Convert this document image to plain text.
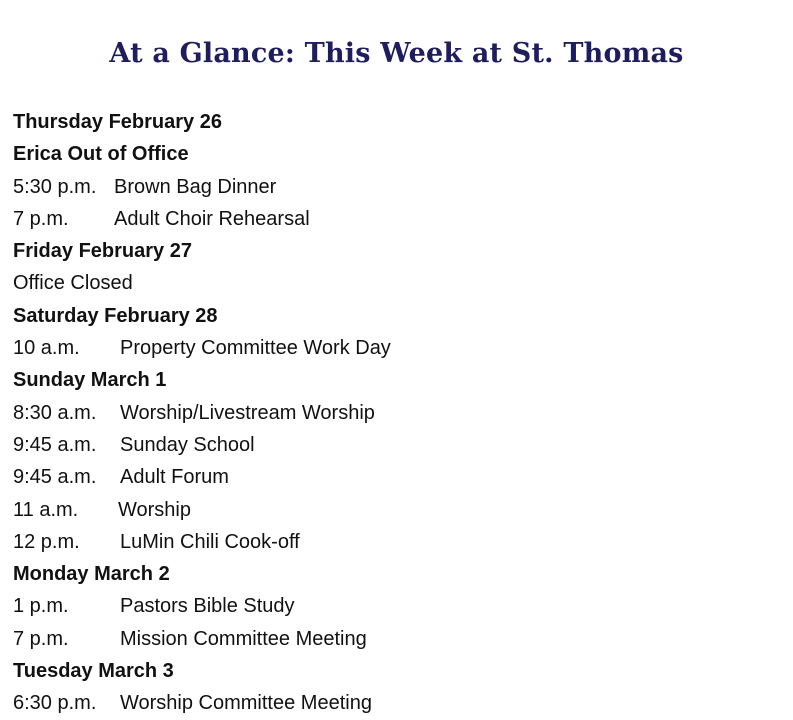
At a Glance: This Week at St. Thomas
Thursday February 26
Erica Out of Office
5:30 p.m. Brown Bag Dinner
7 p.m. Adult Choir Rehearsal
Friday February 27
Office Closed
Saturday February 28
10 a.m. Property Committee Work Day
Sunday March 1
8:30 a.m. Worship/Livestream Worship
9:45 a.m. Sunday School
9:45 a.m. Adult Forum
11 a.m. Worship
12 p.m. LuMin Chili Cook-off
Monday March 2
1 p.m.	Pastors Bible Study
7 p.m.	Mission Committee Meeting
Tuesday March 3
6:30 p.m. Worship Committee Meeting
